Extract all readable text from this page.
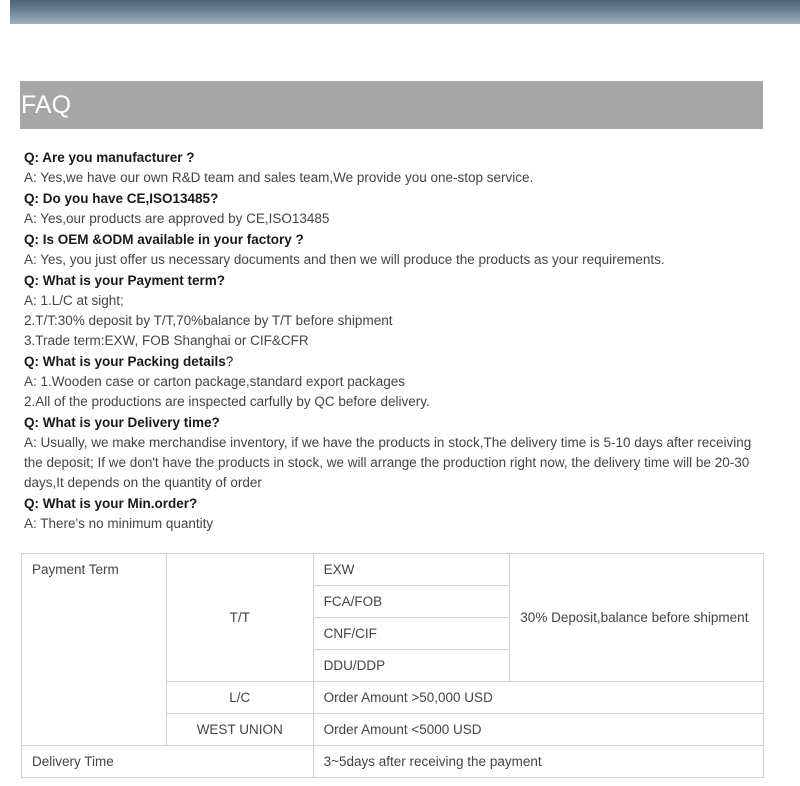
FAQ
Q: Are you manufacturer ?
A: Yes,we have our own R&D team and sales team,We provide you one-stop service.
Q: Do you have CE,ISO13485?
A: Yes,our products are approved by CE,ISO13485
Q: Is OEM &ODM available in your factory ?
A: Yes, you just offer us necessary documents and then we will produce the products as your requirements.
Q: What is your Payment term?
A: 1.L/C at sight;
2.T/T:30% deposit by T/T,70%balance by T/T before shipment
3.Trade term:EXW, FOB Shanghai or CIF&CFR
Q: What is your Packing details?
A: 1.Wooden case or carton package,standard export packages
2.All of the productions are inspected carfully by QC before delivery.
Q: What is your Delivery time?
A: Usually, we make merchandise inventory, if we have the products in stock,The delivery time is 5-10 days after receiving
the deposit; If we don't have the products in stock, we will arrange the production right now, the delivery time will be 20-30
days,It depends on the quantity of order
Q: What is your Min.order?
A: There's no minimum quantity
Payment Term	T/T	EXW	30% Deposit,balance before shipment
		FCA/FOB	
		CNF/CIF	
		DDU/DDP	
	L/C	Order Amount >50,000 USD	
	WEST UNION	Order Amount <5000 USD	
Delivery Time		3~5days after receiving the payment	
